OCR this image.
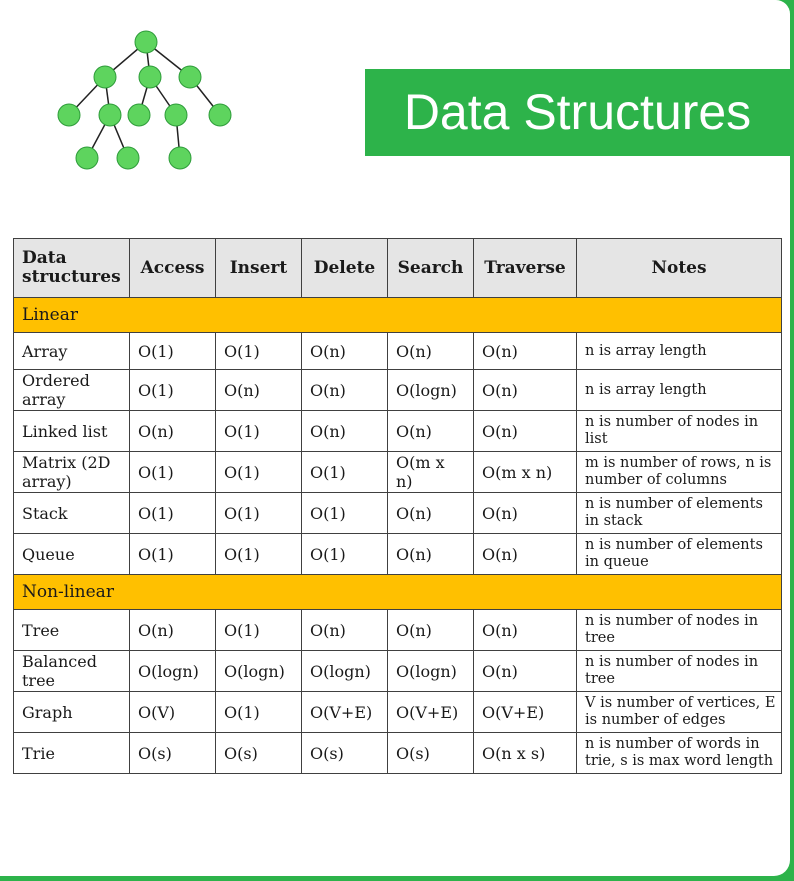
Data Structures
Data structures	Access	Insert	Delete	Search	Traverse	Notes
Linear						
Array	O(1)	O(1)	O(n)	O(n)	O(n)	n is array length
Ordered array	O(1)	O(n)	O(n)	O(logn)	O(n)	n is array length
Linked list	O(n)	O(1)	O(n)	O(n)	O(n)	n is number of nodes in list
Matrix (2D array)	O(1)	O(1)	O(1)	O(m x n)	O(m x n)	m is number of rows, n is number of columns
Stack	O(1)	O(1)	O(1)	O(n)	O(n)	n is number of elements in stack
Queue	O(1)	O(1)	O(1)	O(n)	O(n)	n is number of elements in queue
Non-linear						
Tree	O(n)	O(1)	O(n)	O(n)	O(n)	n is number of nodes in tree
Balanced tree	O(logn)	O(logn)	O(logn)	O(logn)	O(n)	n is number of nodes in tree
Graph	O(V)	O(1)	O(V+E)	O(V+E)	O(V+E)	V is number of vertices, E is number of edges
Trie	O(s)	O(s)	O(s)	O(s)	O(n x s)	n is number of words in trie, s is max word length
